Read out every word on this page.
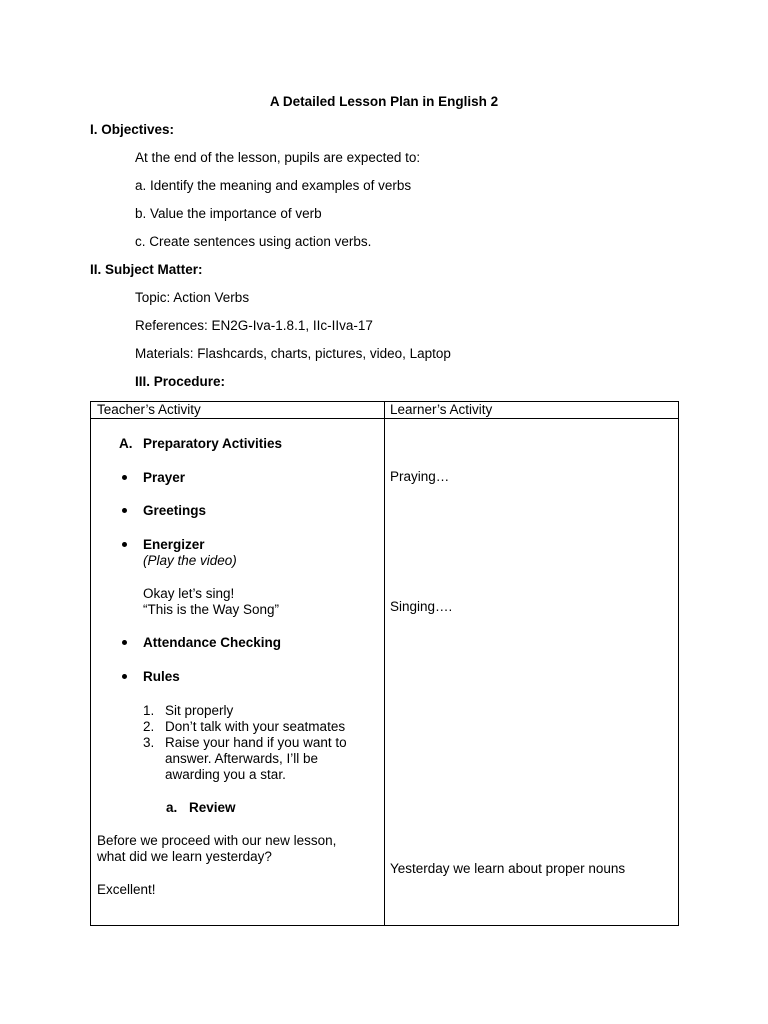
A Detailed Lesson Plan in English 2
I. Objectives:
At the end of the lesson, pupils are expected to:
a. Identify the meaning and examples of verbs
b. Value the importance of verb
c. Create sentences using action verbs.
II. Subject Matter:
Topic: Action Verbs
References: EN2G-Iva-1.8.1, IIc-IIva-17
Materials: Flashcards, charts, pictures, video, Laptop
III. Procedure:
Teacher’s Activity	Learner’s Activity
A. Preparatory Activities
Prayer
Greetings
Energizer
(Play the video)
Okay let’s sing!
“This is the Way Song”
Attendance Checking
Rules
1. Sit properly
2. Don’t talk with your seatmates
3. Raise your hand if you want to
answer. Afterwards, I’ll be
awarding you a star.
a. Review
Before we proceed with our new lesson,
what did we learn yesterday?
Excellent!
Praying…
Singing….
Yesterday we learn about proper nouns
